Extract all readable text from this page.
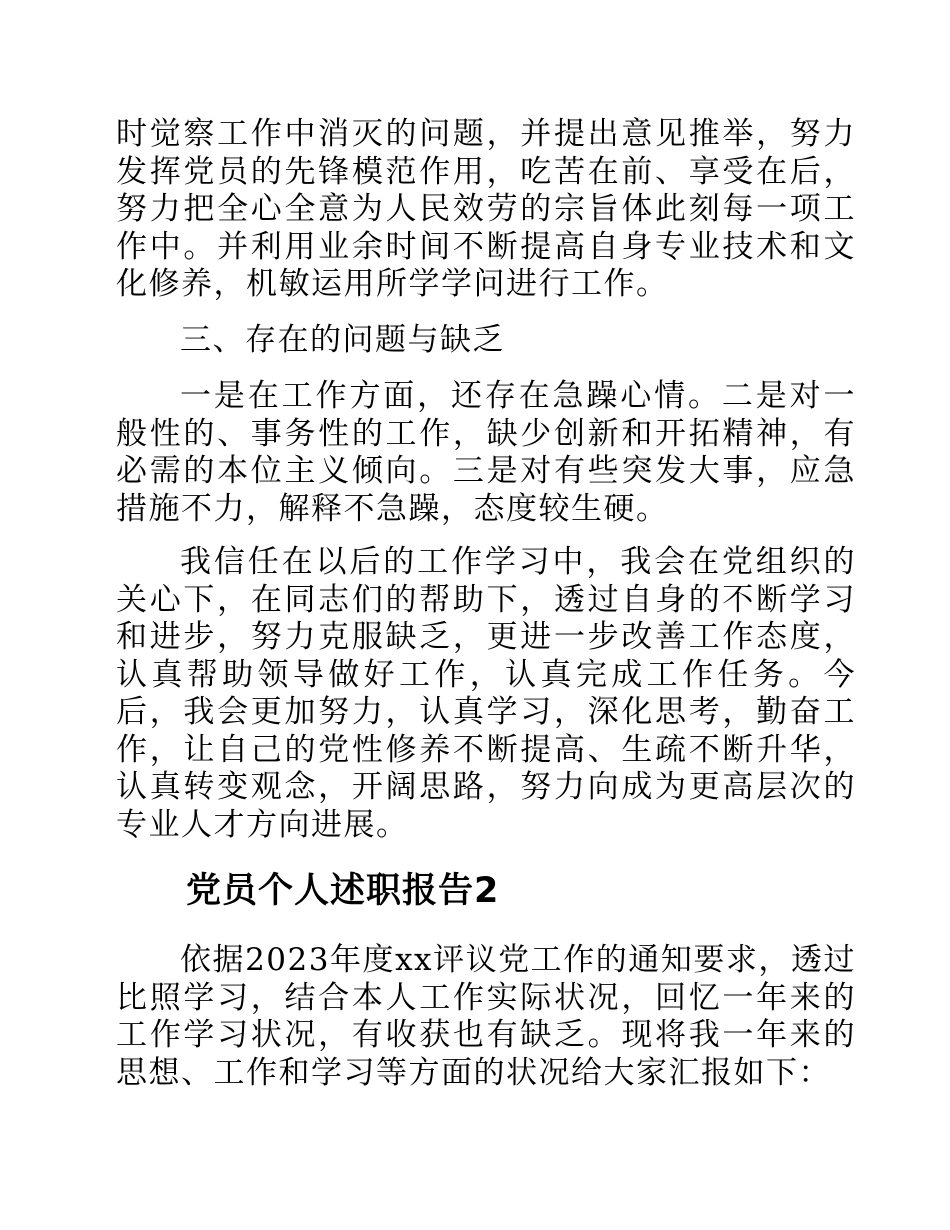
时觉察工作中消灭的问题，并提出意见推举，努力发挥党员的先锋模范作用，吃苦在前、享受在后，努力把全心全意为人民效劳的宗旨体此刻每一项工作中。并利用业余时间不断提高自身专业技术和文化修养，机敏运用所学学问进行工作。

三、存在的问题与缺乏

一是在工作方面，还存在急躁心情。二是对一般性的、事务性的工作，缺少创新和开拓精神，有必需的本位主义倾向。三是对有些突发大事，应急措施不力，解释不急躁，态度较生硬。

我信任在以后的工作学习中，我会在党组织的关心下，在同志们的帮助下，透过自身的不断学习和进步，努力克服缺乏，更进一步改善工作态度，认真帮助领导做好工作，认真完成工作任务。今后，我会更加努力，认真学习，深化思考，勤奋工作，让自己的党性修养不断提高、生疏不断升华，认真转变观念，开阔思路，努力向成为更高层次的专业人才方向进展。

党员个人述职报告2

依据2023年度xx评议党工作的通知要求，透过比照学习，结合本人工作实际状况，回忆一年来的工作学习状况，有收获也有缺乏。现将我一年来的思想、工作和学习等方面的状况给大家汇报如下：
